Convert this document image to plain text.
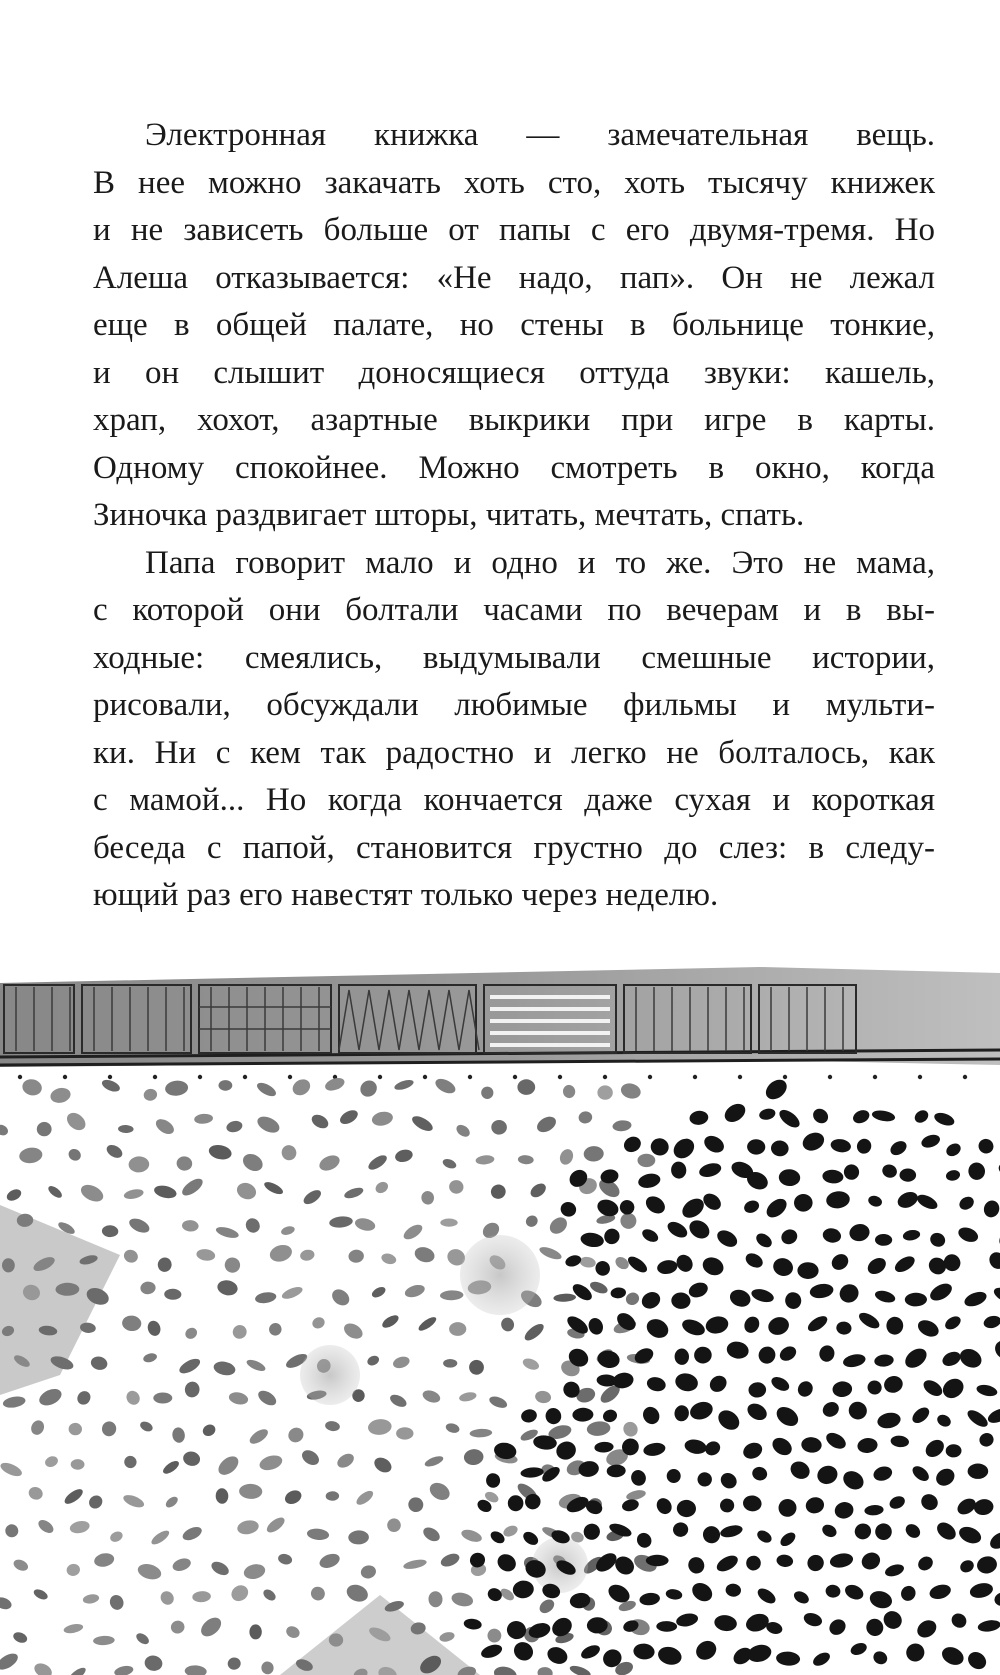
Электронная книжка — замечательная вещь.
В нее можно закачать хоть сто, хоть тысячу книжек
и не зависеть больше от папы с его двумя-тремя. Но
Алеша отказывается: «Не надо, пап». Он не лежал
еще в общей палате, но стены в больнице тонкие,
и он слышит доносящиеся оттуда звуки: кашель,
храп, хохот, азартные выкрики при игре в карты.
Одному спокойнее. Можно смотреть в окно, когда
Зиночка раздвигает шторы, читать, мечтать, спать.
Папа говорит мало и одно и то же. Это не мама,
с которой они болтали часами по вечерам и в вы-
ходные: смеялись, выдумывали смешные истории,
рисовали, обсуждали любимые фильмы и мульти-
ки. Ни с кем так радостно и легко не болталось, как
с мамой... Но когда кончается даже сухая и короткая
беседа с папой, становится грустно до слез: в следу-
ющий раз его навестят только через неделю.
